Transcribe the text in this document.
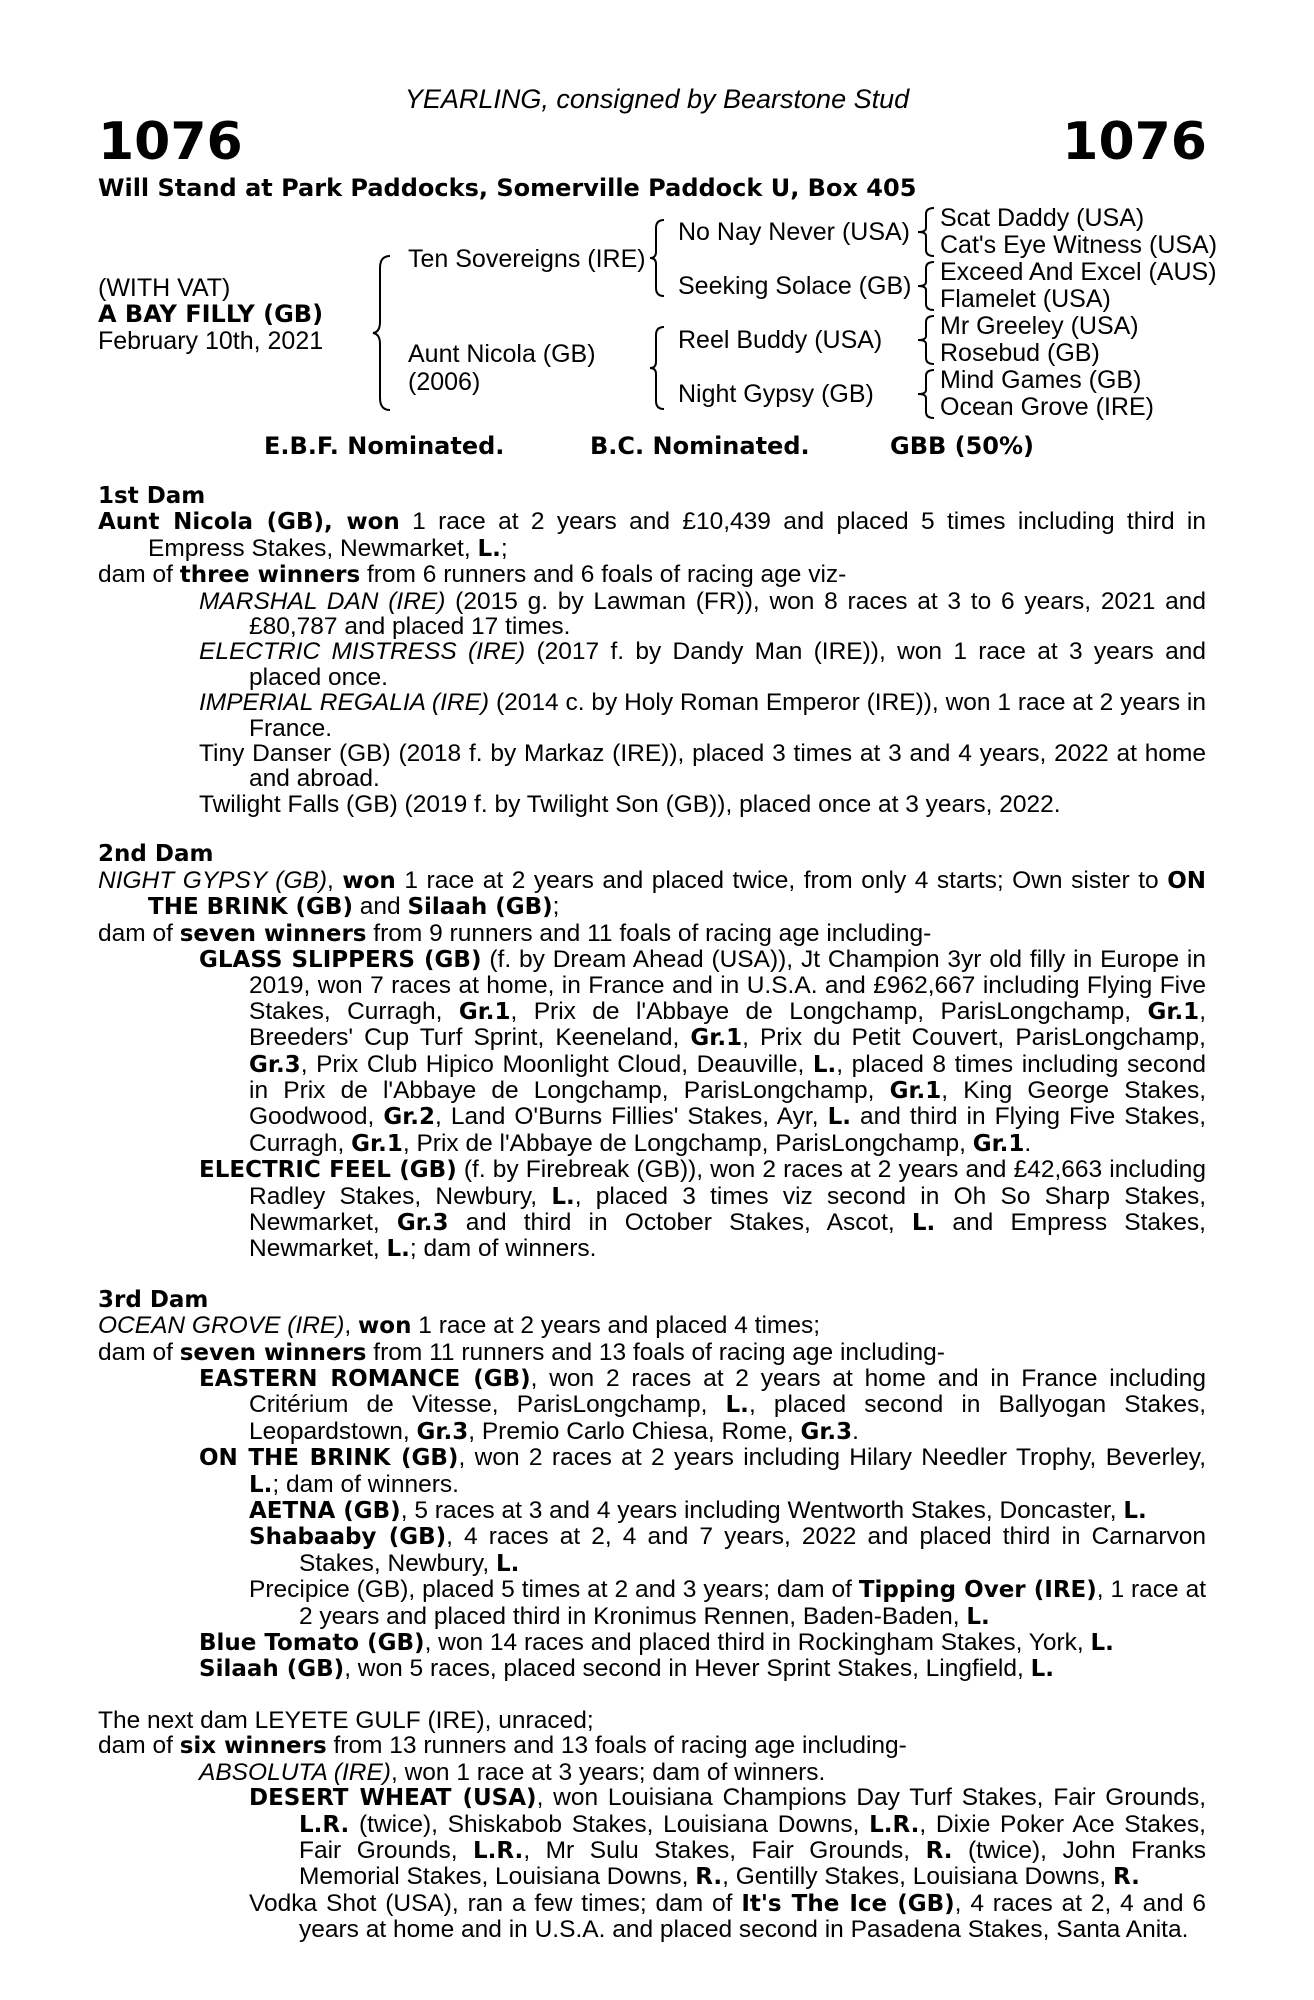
YEARLING, consigned by Bearstone Stud
1076	1076
Will Stand at Park Paddocks, Somerville Paddock U, Box 405
(WITH VAT)
A BAY FILLY (GB)
February 10th, 2021
Ten Sovereigns (IRE)
Aunt Nicola (GB)
(2006)
No Nay Never (USA)
Seeking Solace (GB)
Reel Buddy (USA)
Night Gypsy (GB)
Scat Daddy (USA)
Cat's Eye Witness (USA)
Exceed And Excel (AUS)
Flamelet (USA)
Mr Greeley (USA)
Rosebud (GB)
Mind Games (GB)
Ocean Grove (IRE)
E.B.F. Nominated.	B.C. Nominated.	GBB (50%)

1st Dam

Aunt Nicola (GB), won 1 race at 2 years and £10,439 and placed 5 times including third in Empress Stakes, Newmarket, L.;

dam of three winners from 6 runners and 6 foals of racing age viz-

MARSHAL DAN (IRE) (2015 g. by Lawman (FR)), won 8 races at 3 to 6 years, 2021 and £80,787 and placed 17 times.

ELECTRIC MISTRESS (IRE) (2017 f. by Dandy Man (IRE)), won 1 race at 3 years and placed once.

IMPERIAL REGALIA (IRE) (2014 c. by Holy Roman Emperor (IRE)), won 1 race at 2 years in France.

Tiny Danser (GB) (2018 f. by Markaz (IRE)), placed 3 times at 3 and 4 years, 2022 at home and abroad.

Twilight Falls (GB) (2019 f. by Twilight Son (GB)), placed once at 3 years, 2022.

2nd Dam

NIGHT GYPSY (GB), won 1 race at 2 years and placed twice, from only 4 starts; Own sister to ON THE BRINK (GB) and Silaah (GB);

dam of seven winners from 9 runners and 11 foals of racing age including-

GLASS SLIPPERS (GB) (f. by Dream Ahead (USA)), Jt Champion 3yr old filly in Europe in 2019, won 7 races at home, in France and in U.S.A. and £962,667 including Flying Five Stakes, Curragh, Gr.1, Prix de l'Abbaye de Longchamp, ParisLongchamp, Gr.1, Breeders' Cup Turf Sprint, Keeneland, Gr.1, Prix du Petit Couvert, ParisLongchamp, Gr.3, Prix Club Hipico Moonlight Cloud, Deauville, L., placed 8 times including second in Prix de l'Abbaye de Longchamp, ParisLongchamp, Gr.1, King George Stakes, Goodwood, Gr.2, Land O'Burns Fillies' Stakes, Ayr, L. and third in Flying Five Stakes, Curragh, Gr.1, Prix de l'Abbaye de Longchamp, ParisLongchamp, Gr.1.

ELECTRIC FEEL (GB) (f. by Firebreak (GB)), won 2 races at 2 years and £42,663 including Radley Stakes, Newbury, L., placed 3 times viz second in Oh So Sharp Stakes, Newmarket, Gr.3 and third in October Stakes, Ascot, L. and Empress Stakes, Newmarket, L.; dam of winners.

3rd Dam

OCEAN GROVE (IRE), won 1 race at 2 years and placed 4 times;

dam of seven winners from 11 runners and 13 foals of racing age including-

EASTERN ROMANCE (GB), won 2 races at 2 years at home and in France including Critérium de Vitesse, ParisLongchamp, L., placed second in Ballyogan Stakes, Leopardstown, Gr.3, Premio Carlo Chiesa, Rome, Gr.3.

ON THE BRINK (GB), won 2 races at 2 years including Hilary Needler Trophy, Beverley, L.; dam of winners.

AETNA (GB), 5 races at 3 and 4 years including Wentworth Stakes, Doncaster, L.

Shabaaby (GB), 4 races at 2, 4 and 7 years, 2022 and placed third in Carnarvon Stakes, Newbury, L.

Precipice (GB), placed 5 times at 2 and 3 years; dam of Tipping Over (IRE), 1 race at 2 years and placed third in Kronimus Rennen, Baden-Baden, L.

Blue Tomato (GB), won 14 races and placed third in Rockingham Stakes, York, L.

Silaah (GB), won 5 races, placed second in Hever Sprint Stakes, Lingfield, L.

The next dam LEYETE GULF (IRE), unraced;

dam of six winners from 13 runners and 13 foals of racing age including-

ABSOLUTA (IRE), won 1 race at 3 years; dam of winners.

DESERT WHEAT (USA), won Louisiana Champions Day Turf Stakes, Fair Grounds, L.R. (twice), Shiskabob Stakes, Louisiana Downs, L.R., Dixie Poker Ace Stakes, Fair Grounds, L.R., Mr Sulu Stakes, Fair Grounds, R. (twice), John Franks Memorial Stakes, Louisiana Downs, R., Gentilly Stakes, Louisiana Downs, R.

Vodka Shot (USA), ran a few times; dam of It's The Ice (GB), 4 races at 2, 4 and 6 years at home and in U.S.A. and placed second in Pasadena Stakes, Santa Anita.
